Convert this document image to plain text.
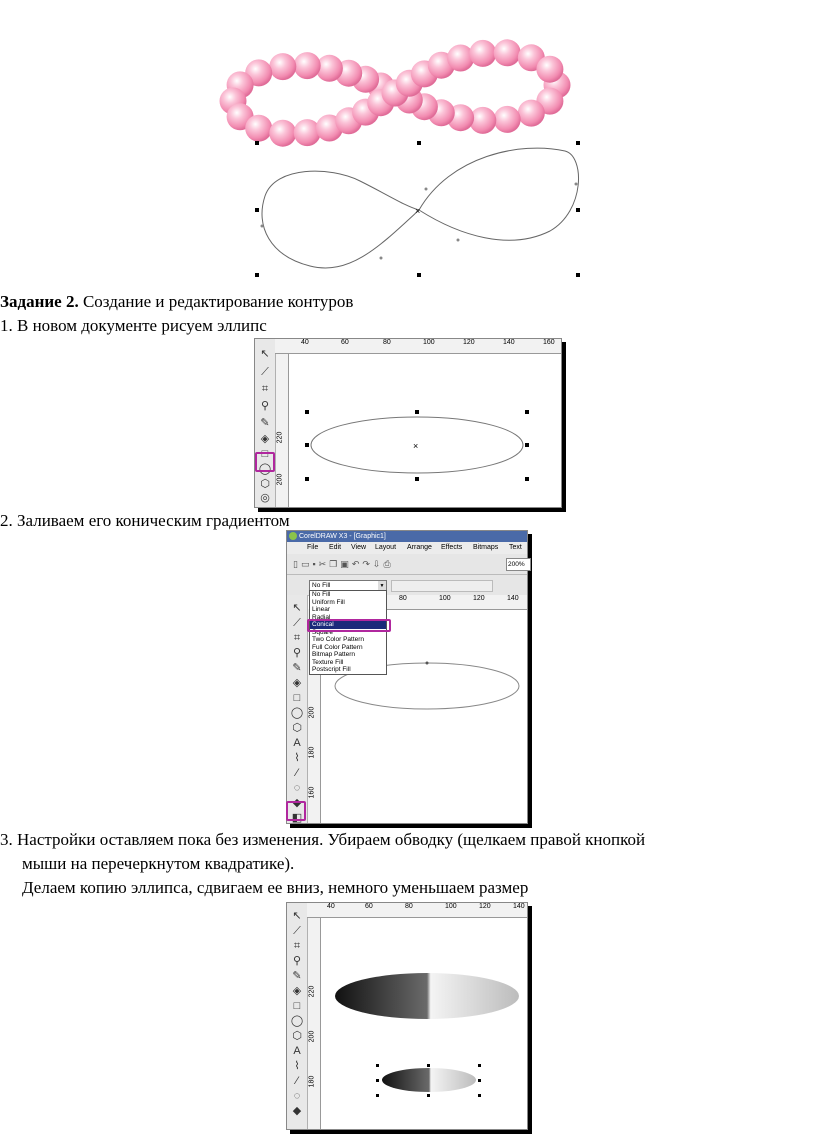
×
Задание 2. Создание и редактирование контуров
1. В новом документе рисуем эллипс
↖
⟋
⌗
⚲
✎
◈
□
◯
⬡
◎
40	60	80	100	120	140	160
220
200
×
2. Заливаем его коническим градиентом
CorelDRAW X3 - [Graphic1]
File Edit View Layout Arrange Effects Bitmaps Text
▯▭▪✂❐▣↶↷⇩⎙	200%
No Fill	▼
↖
⟋
⌗
⚲
✎
◈
□
◯
⬡
A
⌇
⁄
◌
◆
◧
80	100	120	140
200
180
160
No Fill
Uniform Fill
Linear
Radial
Conical
Square
Two Color Pattern
Full Color Pattern
Bitmap Pattern
Texture Fill
Postscript Fill
3. Настройки оставляем пока без изменения. Убираем обводку (щелкаем правой кнопкой
мыши на перечеркнутом квадратике).
Делаем копию эллипса, сдвигаем ее вниз, немного уменьшаем размер
↖
⟋
⌗
⚲
✎
◈
□
◯
⬡
A
⌇
⁄
◌
◆
40	60	80	100	120	140
220
200
180
